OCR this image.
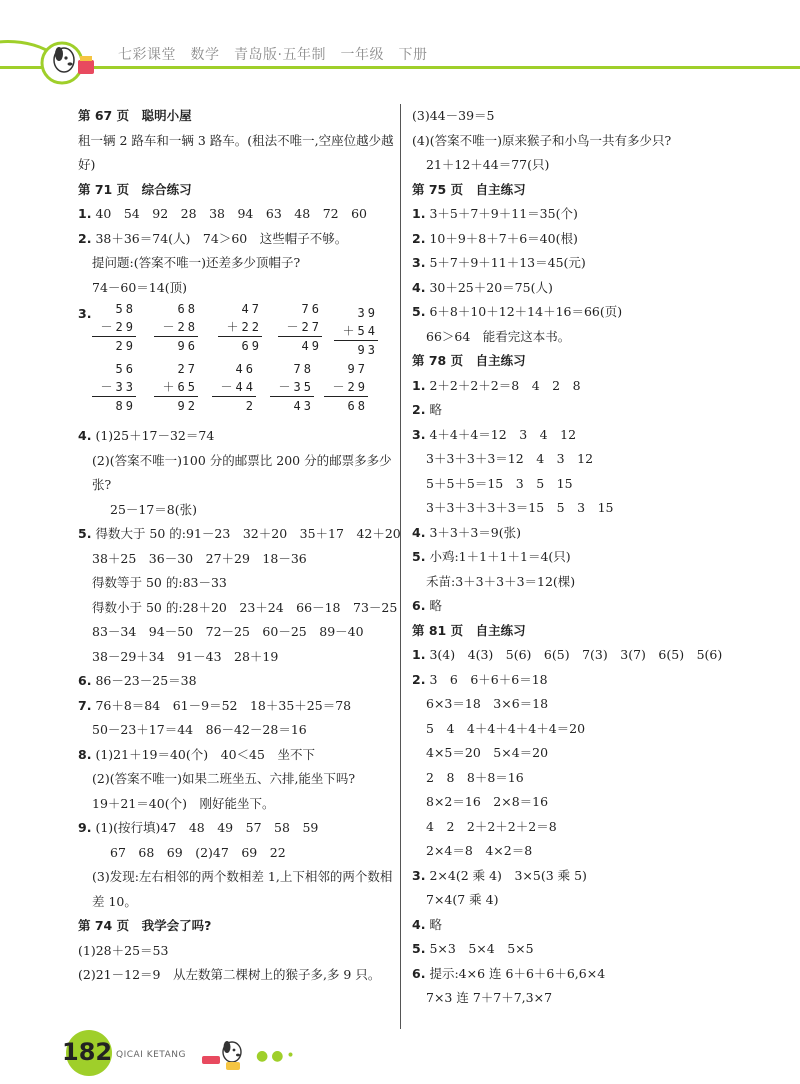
七彩课堂　数学　青岛版·五年制　一年级　下册
第 67 页　聪明小屋
租一辆 2 路车和一辆 3 路车。(租法不唯一,空座位越少越好)
第 71 页　综合练习
1. 40　54　92　28　38　94　63　48　72　60
2. 38＋36＝74(人)　74＞60　这些帽子不够。
提问题:(答案不唯一)还差多少顶帽子?
74－60＝14(顶)
3.	58
－29
29
68
－28
96
47
＋22
69
76
－27
49
39
＋54
93
56
－33
89
27
＋65
92
46
－44
2
78
－35
43
97
－29
68
4. (1)25＋17－32＝74
(2)(答案不唯一)100 分的邮票比 200 分的邮票多多少张?
25－17＝8(张)
5. 得数大于 50 的:91－23　32＋20　35＋17　42＋20
38＋25　36－30　27＋29　18－36
得数等于 50 的:83－33
得数小于 50 的:28＋20　23＋24　66－18　73－25
83－34　94－50　72－25　60－25　89－40
38－29＋34　91－43　28＋19
6. 86－23－25＝38
7. 76＋8＝84　61－9＝52　18＋35＋25＝78
50－23＋17＝44　86－42－28＝16
8. (1)21＋19＝40(个)　40＜45　坐不下
(2)(答案不唯一)如果二班坐五、六排,能坐下吗?
19＋21＝40(个)　刚好能坐下。
9. (1)(按行填)47　48　49　57　58　59
67　68　69　(2)47　69　22
(3)发现:左右相邻的两个数相差 1,上下相邻的两个数相差 10。
第 74 页　我学会了吗?
(1)28＋25＝53
(2)21－12＝9　从左数第二棵树上的猴子多,多 9 只。
(3)44－39＝5
(4)(答案不唯一)原来猴子和小鸟一共有多少只?
21＋12＋44＝77(只)
第 75 页　自主练习
1. 3＋5＋7＋9＋11＝35(个)
2. 10＋9＋8＋7＋6＝40(根)
3. 5＋7＋9＋11＋13＝45(元)
4. 30＋25＋20＝75(人)
5. 6＋8＋10＋12＋14＋16＝66(页)
66＞64　能看完这本书。
第 78 页　自主练习
1. 2＋2＋2＋2＝8　4　2　8
2. 略
3. 4＋4＋4＝12　3　4　12
3＋3＋3＋3＝12　4　3　12
5＋5＋5＝15　3　5　15
3＋3＋3＋3＋3＝15　5　3　15
4. 3＋3＋3＝9(张)
5. 小鸡:1＋1＋1＋1＝4(只)
禾苗:3＋3＋3＋3＝12(棵)
6. 略
第 81 页　自主练习
1. 3(4)　4(3)　5(6)　6(5)　7(3)　3(7)　6(5)　5(6)
2. 3　6　6＋6＋6＝18
6×3＝18　3×6＝18
5　4　4＋4＋4＋4＋4＝20
4×5＝20　5×4＝20
2　8　8＋8＝16
8×2＝16　2×8＝16
4　2　2＋2＋2＋2＝8
2×4＝8　4×2＝8
3. 2×4(2 乘 4)　3×5(3 乘 5)
7×4(7 乘 4)
4. 略
5. 5×3　5×4　5×5
6. 提示:4×6 连 6＋6＋6＋6,6×4
7×3 连 7＋7＋7,3×7
182 QICAI KETANG	●●•
